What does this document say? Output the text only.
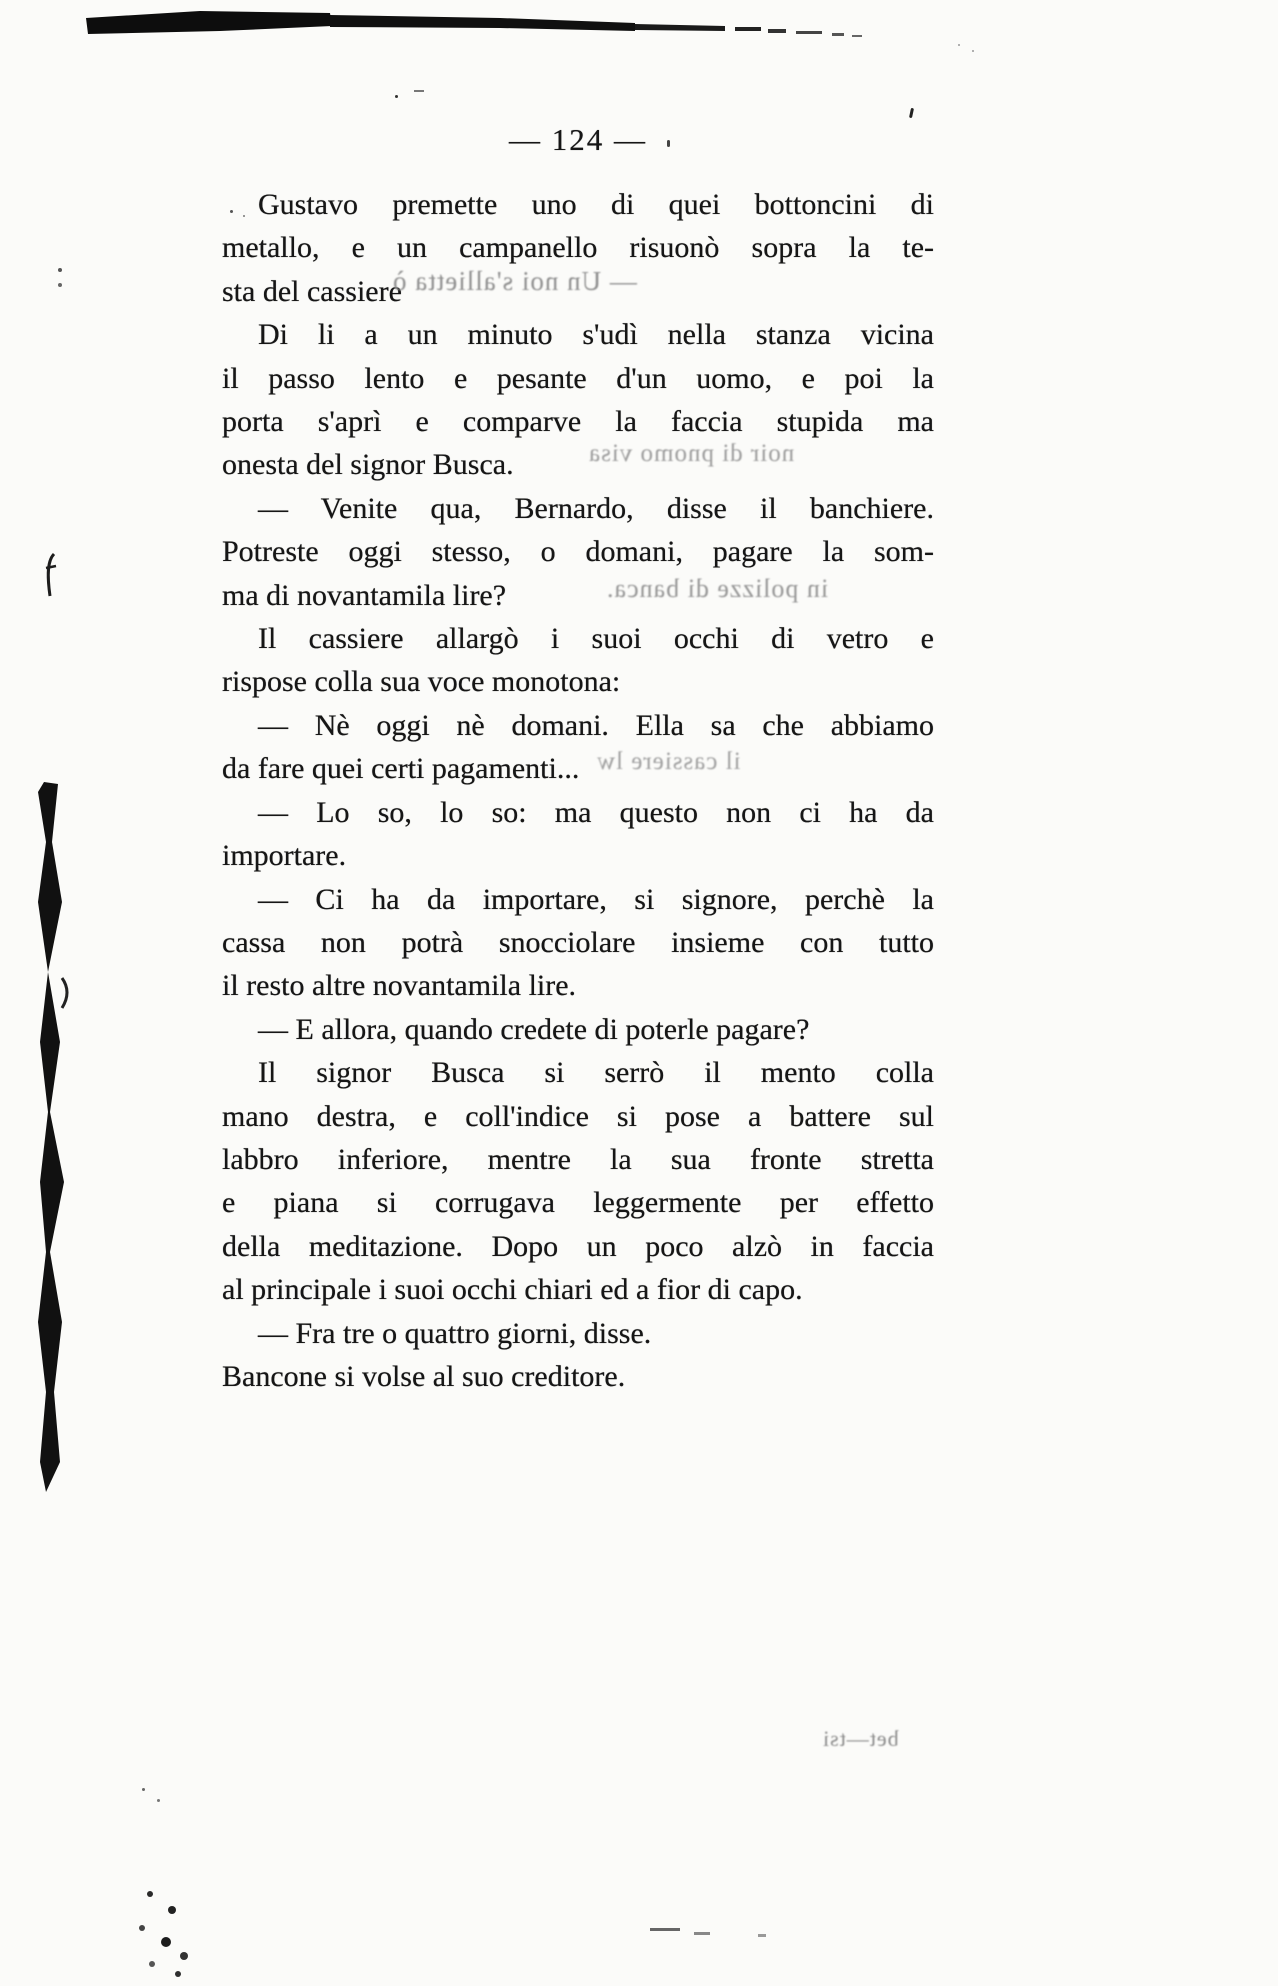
— 124 —
Gustavo premette uno di quei bottoncini di
metallo, e un campanello risuonò sopra la te-
sta del cassiere
Di li a un minuto s'udì nella stanza vicina
il passo lento e pesante d'un uomo, e poi la
porta s'aprì e comparve la faccia stupida ma
onesta del signor Busca.
— Venite qua, Bernardo, disse il banchiere.
Potreste oggi stesso, o domani, pagare la som-
ma di novantamila lire?
Il cassiere allargò i suoi occhi di vetro e
rispose colla sua voce monotona:
— Nè oggi nè domani. Ella sa che abbiamo
da fare quei certi pagamenti...
— Lo so, lo so: ma questo non ci ha da
importare.
— Ci ha da importare, si signore, perchè la
cassa non potrà snocciolare insieme con tutto
il resto altre novantamila lire.
— E allora, quando credete di poterle pagare?
Il signor Busca si serrò il mento colla
mano destra, e coll'indice si pose a battere sul
labbro inferiore, mentre la sua fronte stretta
e piana si corrugava leggermente per effetto
della meditazione. Dopo un poco alzò in faccia
al principale i suoi occhi chiari ed a fior di capo.
— Fra tre o quattro giorni, disse.
Bancone si volse al suo creditore.
— Un noi s'allietta ò
noir di pnomo visa
in polizze di banca.
il cassiere lw
bet—tsi
